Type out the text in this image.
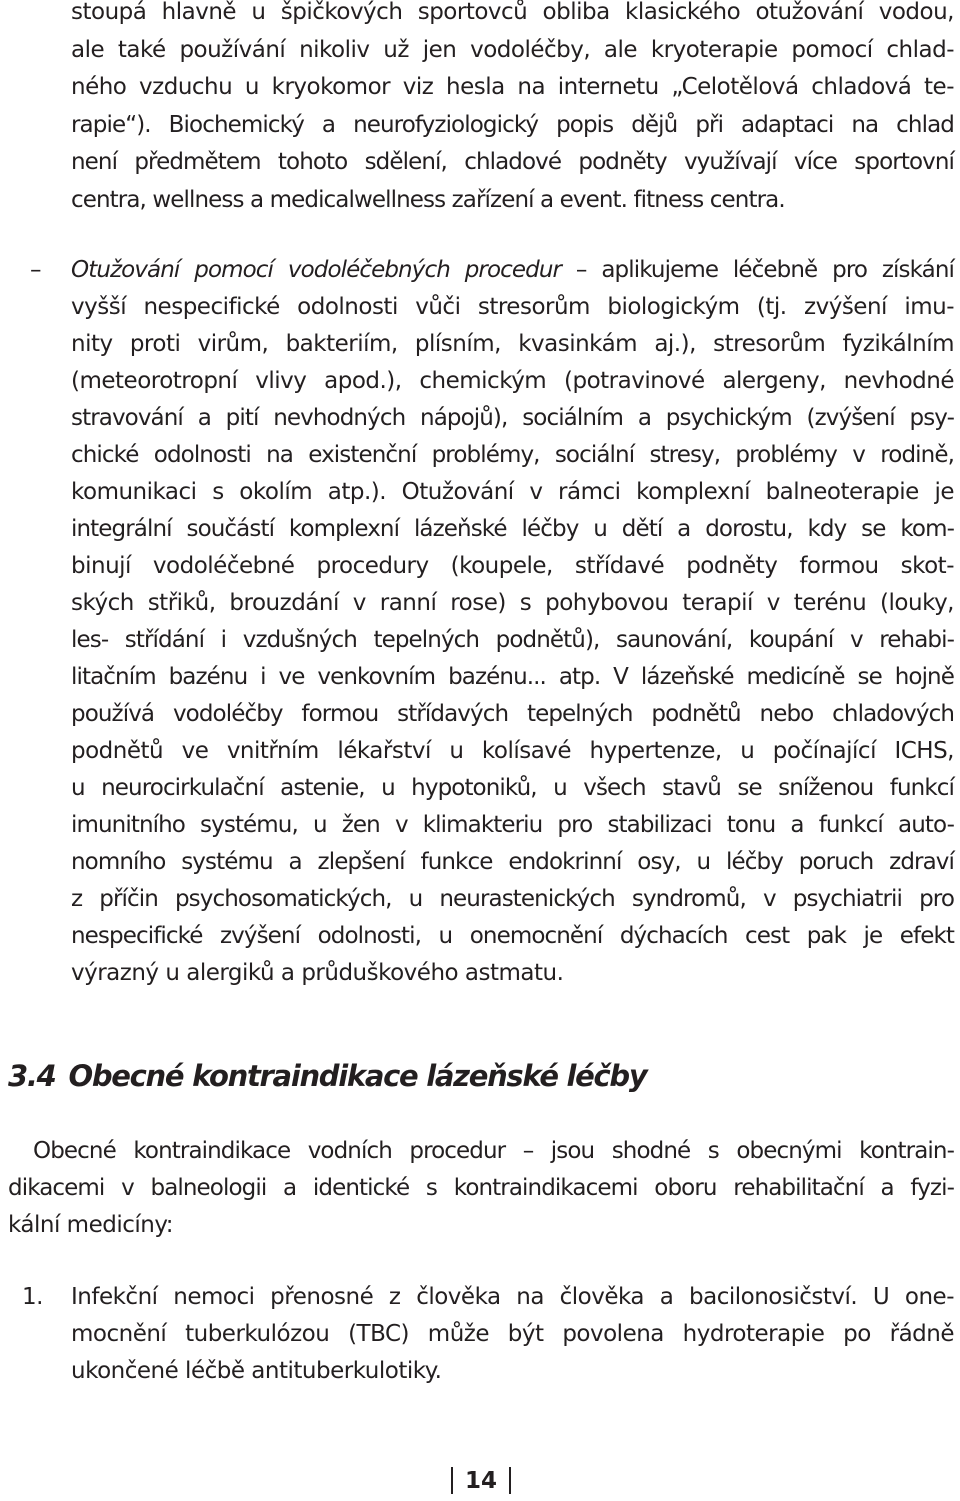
stoupá hlavně u špičkových sportovců obliba klasického otužování vodou,
ale také používání nikoliv už jen vodoléčby, ale kryoterapie pomocí chlad-
ného vzduchu u kryokomor viz hesla na internetu „Celotělová chladová te-
rapie“). Biochemický a neurofyziologický popis dějů při adaptaci na chlad
není předmětem tohoto sdělení, chladové podněty využívají více sportovní
centra, wellness a medicalwellness zařízení a event. fitness centra.
– Otužování pomocí vodoléčebných procedur – aplikujeme léčebně pro získání
vyšší nespecifické odolnosti vůči stresorům biologickým (tj. zvýšení imu-
nity proti virům, bakteriím, plísním, kvasinkám aj.), stresorům fyzikálním
(meteorotropní vlivy apod.), chemickým (potravinové alergeny, nevhodné
stravování a pití nevhodných nápojů), sociálním a psychickým (zvýšení psy-
chické odolnosti na existenční problémy, sociální stresy, problémy v rodině,
komunikaci s okolím atp.). Otužování v rámci komplexní balneoterapie je
integrální součástí komplexní lázeňské léčby u dětí a dorostu, kdy se kom-
binují vodoléčebné procedury (koupele, střídavé podněty formou skot-
ských střiků, brouzdání v ranní rose) s pohybovou terapií v terénu (louky,
les- střídání i vzdušných tepelných podnětů), saunování, koupání v rehabi-
litačním bazénu i ve venkovním bazénu... atp. V lázeňské medicíně se hojně
používá vodoléčby formou střídavých tepelných podnětů nebo chladových
podnětů ve vnitřním lékařství u kolísavé hypertenze, u počínající ICHS,
u neurocirkulační astenie, u hypotoniků, u všech stavů se sníženou funkcí
imunitního systému, u žen v klimakteriu pro stabilizaci tonu a funkcí auto-
nomního systému a zlepšení funkce endokrinní osy, u léčby poruch zdraví
z příčin psychosomatických, u neurastenických syndromů, v psychiatrii pro
nespecifické zvýšení odolnosti, u onemocnění dýchacích cest pak je efekt
výrazný u alergiků a průduškového astmatu.
3.4 Obecné kontraindikace lázeňské léčby
Obecné kontraindikace vodních procedur – jsou shodné s obecnými kontrain-
dikacemi v balneologii a identické s kontraindikacemi oboru rehabilitační a fyzi-
kální medicíny:
1. Infekční nemoci přenosné z člověka na člověka a bacilonosičství. U one-
mocnění tuberkulózou (TBC) může být povolena hydroterapie po řádně
ukončené léčbě antituberkulotiky.
14
